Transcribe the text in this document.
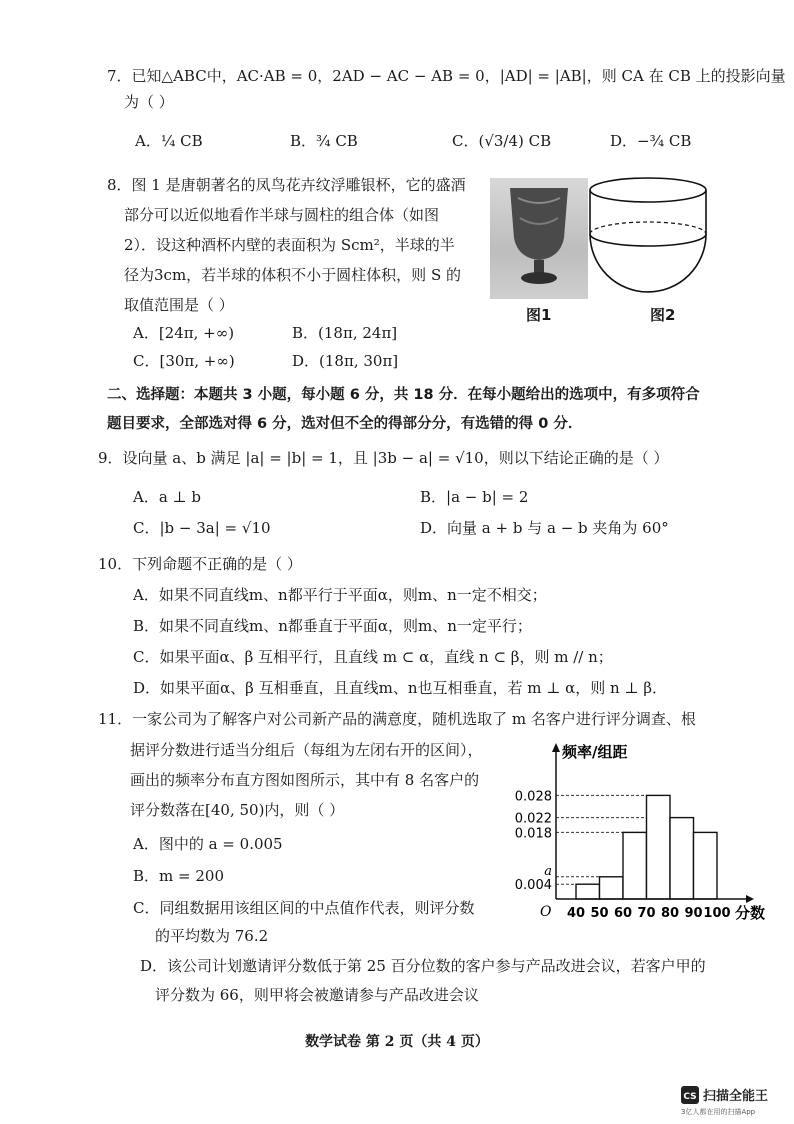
7．已知△ABC中，AC·AB = 0，2AD − AC − AB = 0，|AD| = |AB|，则 CA 在 CB 上的投影向量
为（ ）
A．¼ CB	B．¾ CB	C．(√3/4) CB	D．−¾ CB
8．图 1 是唐朝著名的凤鸟花卉纹浮雕银杯，它的盛酒
部分可以近似地看作半球与圆柱的组合体（如图
2）．设这种酒杯内壁的表面积为 Scm²，半球的半
径为3cm，若半球的体积不小于圆柱体积，则 S 的
取值范围是（ ）
A．[24π, +∞)	B．(18π, 24π]
C．[30π, +∞)	D．(18π, 30π]
图1	图2
二、选择题：本题共 3 小题，每小题 6 分，共 18 分．在每小题给出的选项中，有多项符合
题目要求，全部选对得 6 分，选对但不全的得部分分，有选错的得 0 分．
9．设向量 a、b 满足 |a| = |b| = 1，且 |3b − a| = √10，则以下结论正确的是（ ）
A．a ⊥ b	B．|a − b| = 2
C．|b − 3a| = √10	D．向量 a + b 与 a − b 夹角为 60°
10．下列命题不正确的是（ ）
A．如果不同直线m、n都平行于平面α，则m、n一定不相交；
B．如果不同直线m、n都垂直于平面α，则m、n一定平行；
C．如果平面α、β 互相平行，且直线 m ⊂ α，直线 n ⊂ β，则 m // n；
D．如果平面α、β 互相垂直，且直线m、n也互相垂直，若 m ⊥ α，则 n ⊥ β．
11．一家公司为了解客户对公司新产品的满意度，随机选取了 m 名客户进行评分调查、根
据评分数进行适当分组后（每组为左闭右开的区间），
画出的频率分布直方图如图所示，其中有 8 名客户的
评分数落在[40, 50)内，则（ ）
A．图中的 a = 0.005
B．m = 200
C．同组数据用该组区间的中点值作代表，则评分数
的平均数为 76.2
D．该公司计划邀请评分数低于第 25 百分位数的客户参与产品改进会议，若客户甲的
评分数为 66，则甲将会被邀请参与产品改进会议
频率/组距
O	分数
0.004
a
0.018
0.022
0.028
40 50 60 70 80 90 100
数学试卷 第 2 页（共 4 页）
CS 扫描全能王
3亿人都在用的扫描App
